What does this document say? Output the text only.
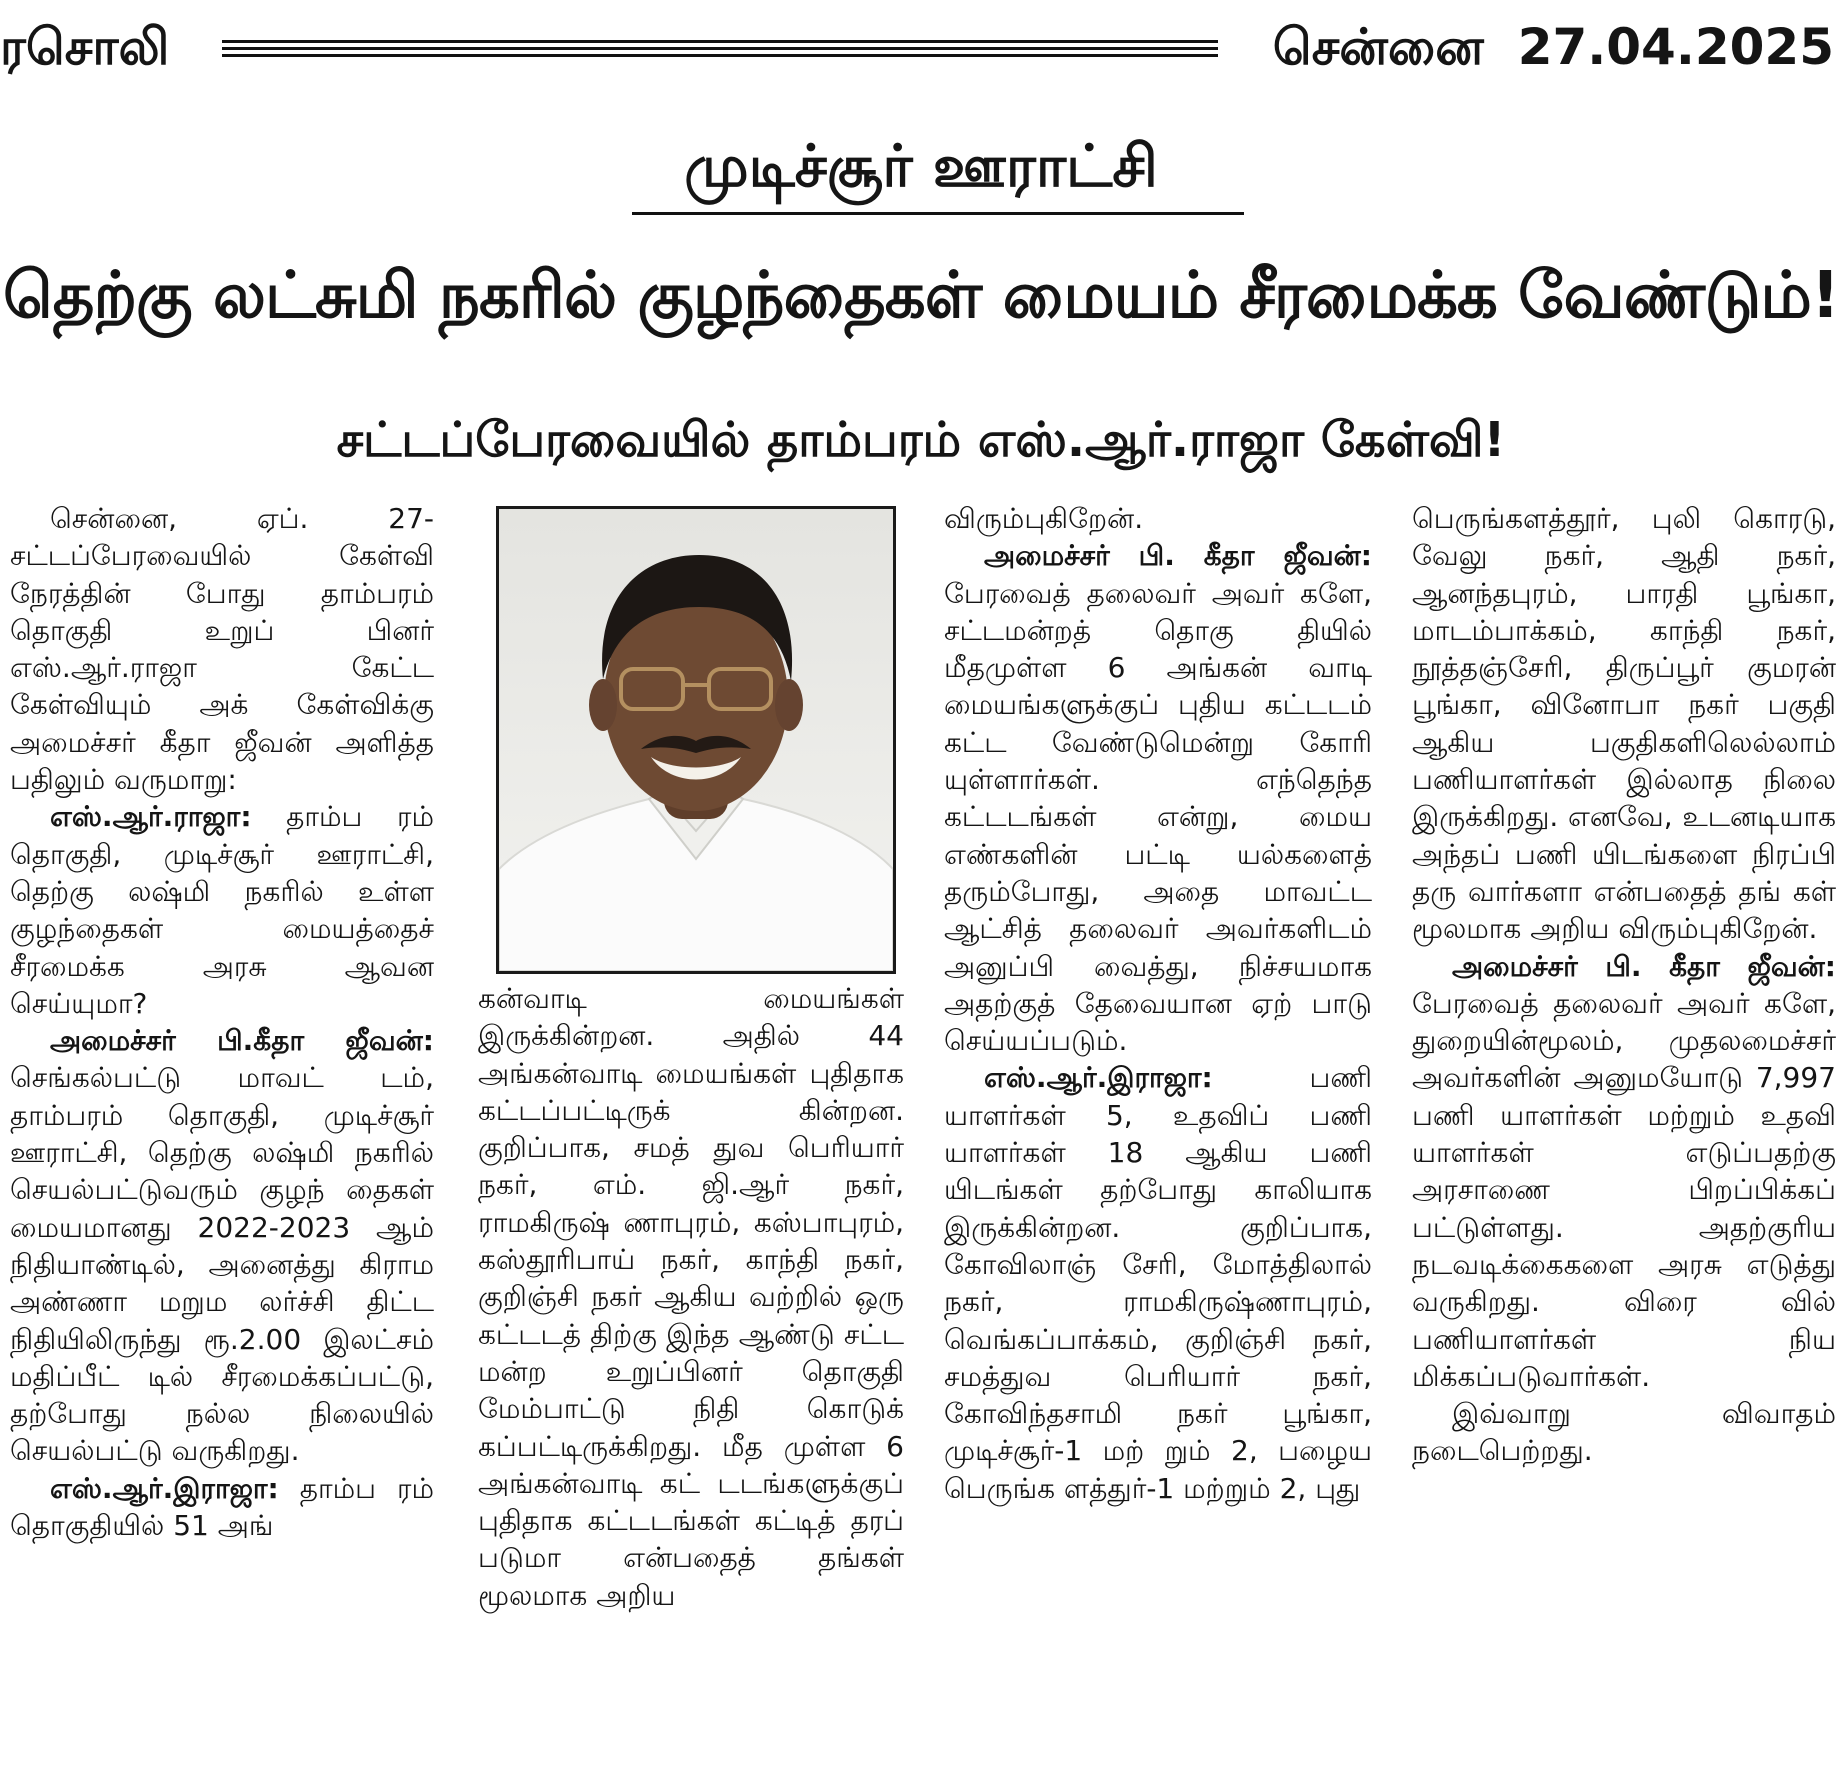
ரசொலி	சென்னை 27.04.2025
முடிச்சூர் ஊராட்சி
தெற்கு லட்சுமி நகரில் குழந்தைகள் மையம் சீரமைக்க வேண்டும்!
சட்டப்பேரவையில் தாம்பரம் எஸ்.ஆர்.ராஜா கேள்வி!

சென்னை, ஏப். 27- சட்டப்பேரவையில் கேள்வி நேரத்தின் போது தாம்பரம் தொகுதி உறுப் பினர் எஸ்.ஆர்.ராஜா கேட்ட கேள்வியும் அக் கேள்விக்கு அமைச்சர் கீதா ஜீவன் அளித்த பதிலும் வருமாறு:

எஸ்.ஆர்.ராஜா: தாம்ப ரம் தொகுதி, முடிச்சூர் ஊராட்சி, தெற்கு லஷ்மி நகரில் உள்ள குழந்தைகள் மையத்தைச் சீரமைக்க அரசு ஆவன செய்யுமா?

அமைச்சர் பி.கீதா ஜீவன்: செங்கல்பட்டு மாவட் டம், தாம்பரம் தொகுதி, முடிச்சூர் ஊராட்சி, தெற்கு லஷ்மி நகரில் செயல்பட்டுவரும் குழந் தைகள் மையமானது 2022-2023 ஆம் நிதியாண்டில், அனைத்து கிராம அண்ணா மறும லர்ச்சி திட்ட நிதியிலிருந்து ரூ.2.00 இலட்சம் மதிப்பீட் டில் சீரமைக்கப்பட்டு, தற்போது நல்ல நிலையில் செயல்பட்டு வருகிறது.

எஸ்.ஆர்.இராஜா: தாம்ப ரம் தொகுதியில் 51 அங்

கன்வாடி மையங்கள் இருக்கின்றன. அதில் 44 அங்கன்வாடி மையங்கள் புதிதாக கட்டப்பட்டிருக் கின்றன. குறிப்பாக, சமத் துவ பெரியார் நகர், எம். ஜி.ஆர் நகர், ராமகிருஷ் ணாபுரம், கஸ்பாபுரம், கஸ்தூரிபாய் நகர், காந்தி நகர், குறிஞ்சி நகர் ஆகிய வற்றில் ஒரு கட்டடத் திற்கு இந்த ஆண்டு சட்ட மன்ற உறுப்பினர் தொகுதி மேம்பாட்டு நிதி கொடுக் கப்பட்டிருக்கிறது. மீத முள்ள 6 அங்கன்வாடி கட் டடங்களுக்குப் புதிதாக கட்டடங்கள் கட்டித் தரப் படுமா என்பதைத் தங்கள் மூலமாக அறிய

விரும்புகிறேன்.

அமைச்சர் பி. கீதா ஜீவன்: பேரவைத் தலைவர் அவர் களே, சட்டமன்றத் தொகு தியில் மீதமுள்ள 6 அங்கன் வாடி மையங்களுக்குப் புதிய கட்டடம் கட்ட வேண்டுமென்று கோரி யுள்ளார்கள். எந்தெந்த கட்டடங்கள் என்று, மைய எண்களின் பட்டி யல்களைத் தரும்போது, அதை மாவட்ட ஆட்சித் தலைவர் அவர்களிடம் அனுப்பி வைத்து, நிச்சயமாக அதற்குத் தேவையான ஏற் பாடு செய்யப்படும்.

எஸ்.ஆர்.இராஜா: பணி யாளர்கள் 5, உதவிப் பணி யாளர்கள் 18 ஆகிய பணி யிடங்கள் தற்போது காலியாக இருக்கின்றன. குறிப்பாக, கோவிலாஞ் சேரி, மோத்திலால் நகர், ராமகிருஷ்ணாபுரம், வெங்கப்பாக்கம், குறிஞ்சி நகர், சமத்துவ பெரியார் நகர், கோவிந்தசாமி நகர் பூங்கா, முடிச்சூர்-1 மற் றும் 2, பழைய பெருங்க ளத்துர்-1 மற்றும் 2, புது

பெருங்களத்தூர், புலி கொரடு, வேலு நகர், ஆதி நகர், ஆனந்தபுரம், பாரதி பூங்கா, மாடம்பாக்கம், காந்தி நகர், நூத்தஞ்சேரி, திருப்பூர் குமரன் பூங்கா, வினோபா நகர் பகுதி ஆகிய பகுதிகளிலெல்லாம் பணியாளர்கள் இல்லாத நிலை இருக்கிறது. எனவே, உடனடியாக அந்தப் பணி யிடங்களை நிரப்பி தரு வார்களா என்பதைத் தங் கள் மூலமாக அறிய விரும்புகிறேன்.

அமைச்சர் பி. கீதா ஜீவன்: பேரவைத் தலைவர் அவர் களே, துறையின்மூலம், முதலமைச்சர் அவர்களின் அனுமயோடு 7,997 பணி யாளர்கள் மற்றும் உதவி யாளர்கள் எடுப்பதற்கு அரசாணை பிறப்பிக்கப் பட்டுள்ளது. அதற்குரிய நடவடிக்கைகளை அரசு எடுத்து வருகிறது. விரை வில் பணியாளர்கள் நிய மிக்கப்படுவார்கள்.

இவ்வாறு விவாதம் நடைபெற்றது.
